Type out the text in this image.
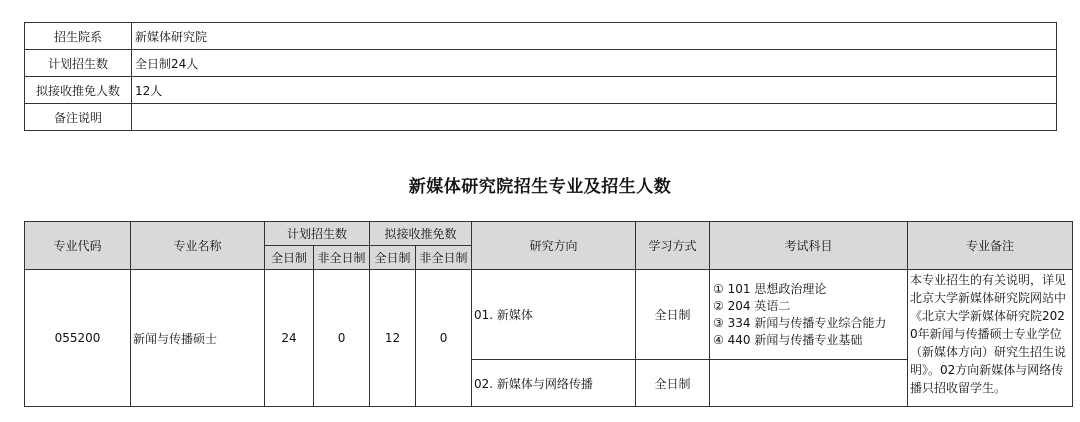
招生院系	新媒体研究院
计划招生数	全日制24人
拟接收推免人数	12人
备注说明	
新媒体研究院招生专业及招生人数
专业代码	专业名称	计划招生数		拟接收推免数		研究方向	学习方式	考试科目	专业备注
		全日制	非全日制	全日制	非全日制				
055200	新闻与传播硕士	24	0	12	0	01. 新媒体	全日制	① 101 思想政治理论
② 204 英语二
③ 334 新闻与传播专业综合能力
④ 440 新闻与传播专业基础	本专业招生的有关说明，详见北京大学新媒体研究院网站中《北京大学新媒体研究院2020年新闻与传播硕士专业学位（新媒体方向）研究生招生说明》。02方向新媒体与网络传播只招收留学生。

						02. 新媒体与网络传播	全日制		
